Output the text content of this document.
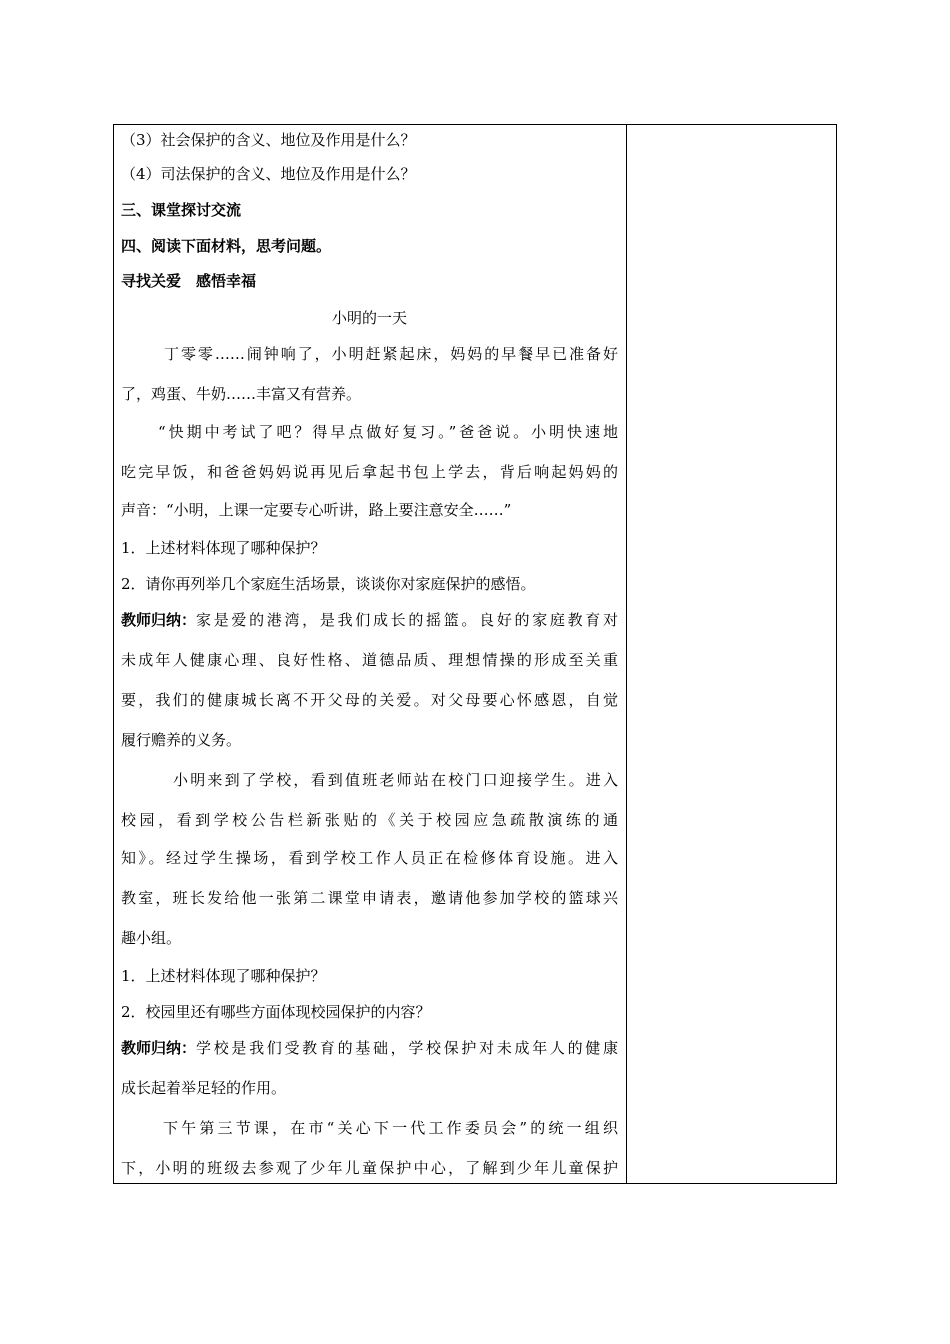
（3）社会保护的含义、地位及作用是什么？
（4）司法保护的含义、地位及作用是什么？
三、课堂探讨交流
四、阅读下面材料，思考问题。
寻找关爱　感悟幸福
小明的一天
丁零零……闹钟响了，小明赶紧起床，妈妈的早餐早已准备好
了，鸡蛋、牛奶……丰富又有营养。
“快期中考试了吧？得早点做好复习。”爸爸说。小明快速地
吃完早饭，和爸爸妈妈说再见后拿起书包上学去，背后响起妈妈的
声音：“小明，上课一定要专心听讲，路上要注意安全……”
1．上述材料体现了哪种保护？
2．请你再列举几个家庭生活场景，谈谈你对家庭保护的感悟。
教师归纳： 家是爱的港湾，是我们成长的摇篮。良好的家庭教育对
未成年人健康心理、良好性格、道德品质、理想情操的形成至关重
要，我们的健康城长离不开父母的关爱。对父母要心怀感恩，自觉
履行赡养的义务。
小明来到了学校，看到值班老师站在校门口迎接学生。进入
校园，看到学校公告栏新张贴的《关于校园应急疏散演练的通
知》。经过学生操场，看到学校工作人员正在检修体育设施。进入
教室，班长发给他一张第二课堂申请表，邀请他参加学校的篮球兴
趣小组。
1．上述材料体现了哪种保护？
2．校园里还有哪些方面体现校园保护的内容？
教师归纳： 学校是我们受教育的基础，学校保护对未成年人的健康
成长起着举足轻的作用。
下午第三节课，在市“关心下一代工作委员会”的统一组织
下，小明的班级去参观了少年儿童保护中心，了解到少年儿童保护
